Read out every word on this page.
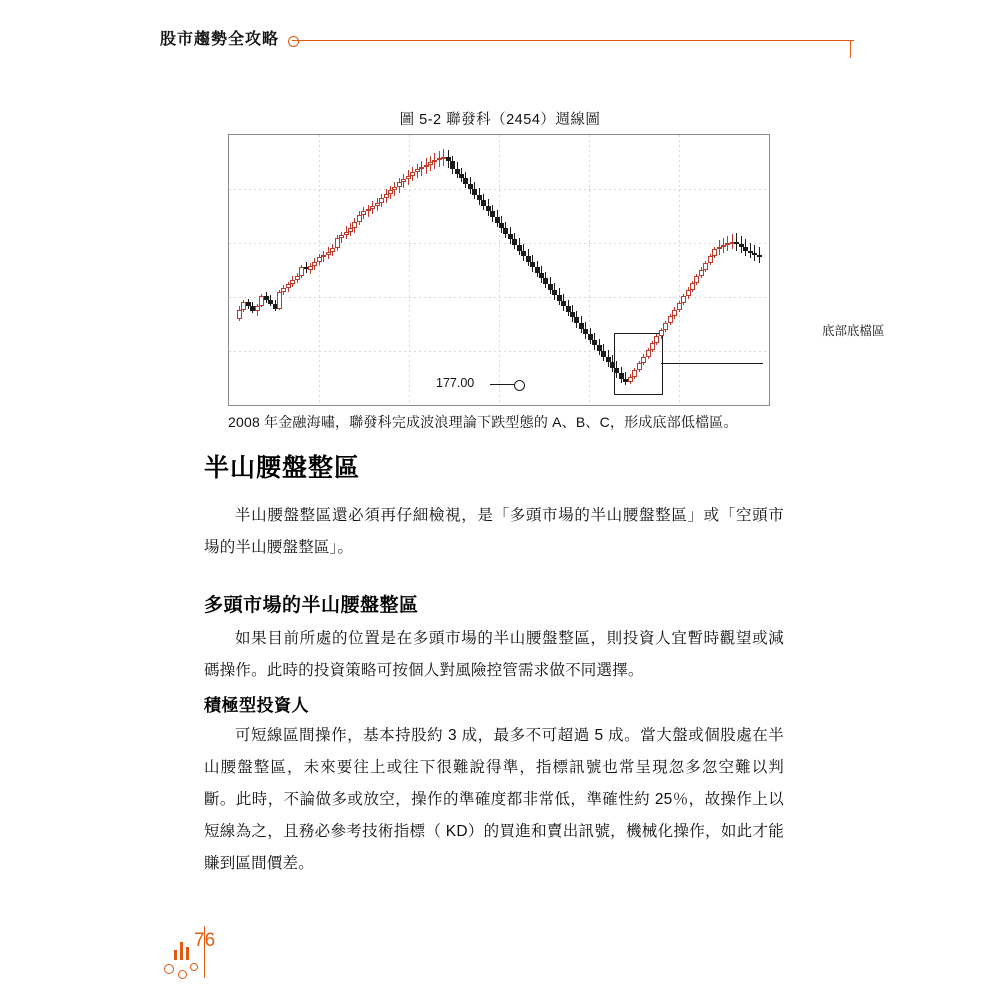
股市趨勢全攻略
圖 5-2 聯發科（2454）週線圖
底部底檔區
177.00
2008 年金融海嘯，聯發科完成波浪理論下跌型態的 A、B、C，形成底部低檔區。
半山腰盤整區

半山腰盤整區還必須再仔細檢視，是「多頭市場的半山腰盤整區」或「空頭市場的半山腰盤整區」。

多頭市場的半山腰盤整區

如果目前所處的位置是在多頭市場的半山腰盤整區，則投資人宜暫時觀望或減碼操作。此時的投資策略可按個人對風險控管需求做不同選擇。

積極型投資人

可短線區間操作，基本持股約 3 成，最多不可超過 5 成。當大盤或個股處在半山腰盤整區，未來要往上或往下很難說得準，指標訊號也常呈現忽多忽空難以判斷。此時，不論做多或放空，操作的準確度都非常低，準確性約 25％，故操作上以短線為之，且務必參考技術指標（ KD）的買進和賣出訊號，機械化操作，如此才能賺到區間價差。

76
